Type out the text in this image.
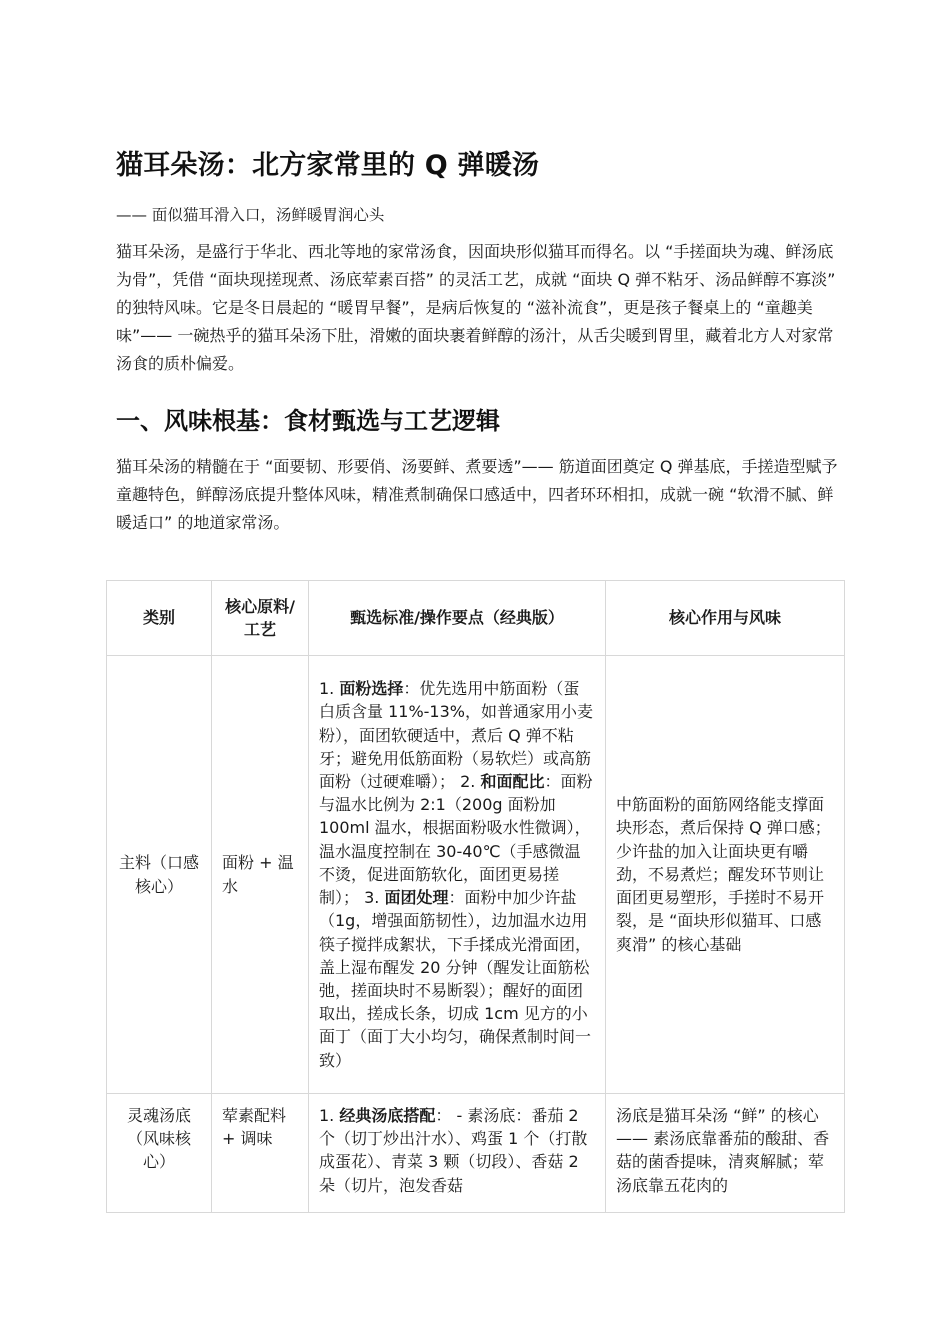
猫耳朵汤：北方家常里的 Q 弹暖汤

—— 面似猫耳滑入口，汤鲜暖胃润心头

猫耳朵汤，是盛行于华北、西北等地的家常汤食，因面块形似猫耳而得名。以 “手搓面块为魂、鲜汤底为骨”，凭借 “面块现搓现煮、汤底荤素百搭” 的灵活工艺，成就 “面块 Q 弹不粘牙、汤品鲜醇不寡淡” 的独特风味。它是冬日晨起的 “暖胃早餐”，是病后恢复的 “滋补流食”，更是孩子餐桌上的 “童趣美味”—— 一碗热乎的猫耳朵汤下肚，滑嫩的面块裹着鲜醇的汤汁，从舌尖暖到胃里，藏着北方人对家常汤食的质朴偏爱。

一、风味根基：食材甄选与工艺逻辑

猫耳朵汤的精髓在于 “面要韧、形要俏、汤要鲜、煮要透”—— 筋道面团奠定 Q 弹基底，手搓造型赋予童趣特色，鲜醇汤底提升整体风味，精准煮制确保口感适中，四者环环相扣，成就一碗 “软滑不腻、鲜暖适口” 的地道家常汤。

类别	核心原料/工艺	甄选标准/操作要点（经典版）	核心作用与风味
主料（口感核心）	面粉 + 温水	1. 面粉选择：优先选用中筋面粉（蛋白质含量 11%-13%，如普通家用小麦粉），面团软硬适中，煮后 Q 弹不粘牙；避免用低筋面粉（易软烂）或高筋面粉（过硬难嚼）； 2. 和面配比：面粉与温水比例为 2:1（200g 面粉加 100ml 温水，根据面粉吸水性微调），温水温度控制在 30-40℃（手感微温不烫，促进面筋软化，面团更易搓制）； 3. 面团处理：面粉中加少许盐（1g，增强面筋韧性），边加温水边用筷子搅拌成絮状，下手揉成光滑面团，盖上湿布醒发 20 分钟（醒发让面筋松弛，搓面块时不易断裂）；醒好的面团取出，搓成长条，切成 1cm 见方的小面丁（面丁大小均匀，确保煮制时间一致）	中筋面粉的面筋网络能支撑面块形态，煮后保持 Q 弹口感；少许盐的加入让面块更有嚼劲，不易煮烂；醒发环节则让面团更易塑形，手搓时不易开裂，是 “面块形似猫耳、口感爽滑” 的核心基础
灵魂汤底（风味核心）	荤素配料 + 调味	1. 经典汤底搭配： - 素汤底：番茄 2 个（切丁炒出汁水）、鸡蛋 1 个（打散成蛋花）、青菜 3 颗（切段）、香菇 2 朵（切片，泡发香菇	汤底是猫耳朵汤 “鲜” 的核心 —— 素汤底靠番茄的酸甜、香菇的菌香提味，清爽解腻；荤汤底靠五花肉的
